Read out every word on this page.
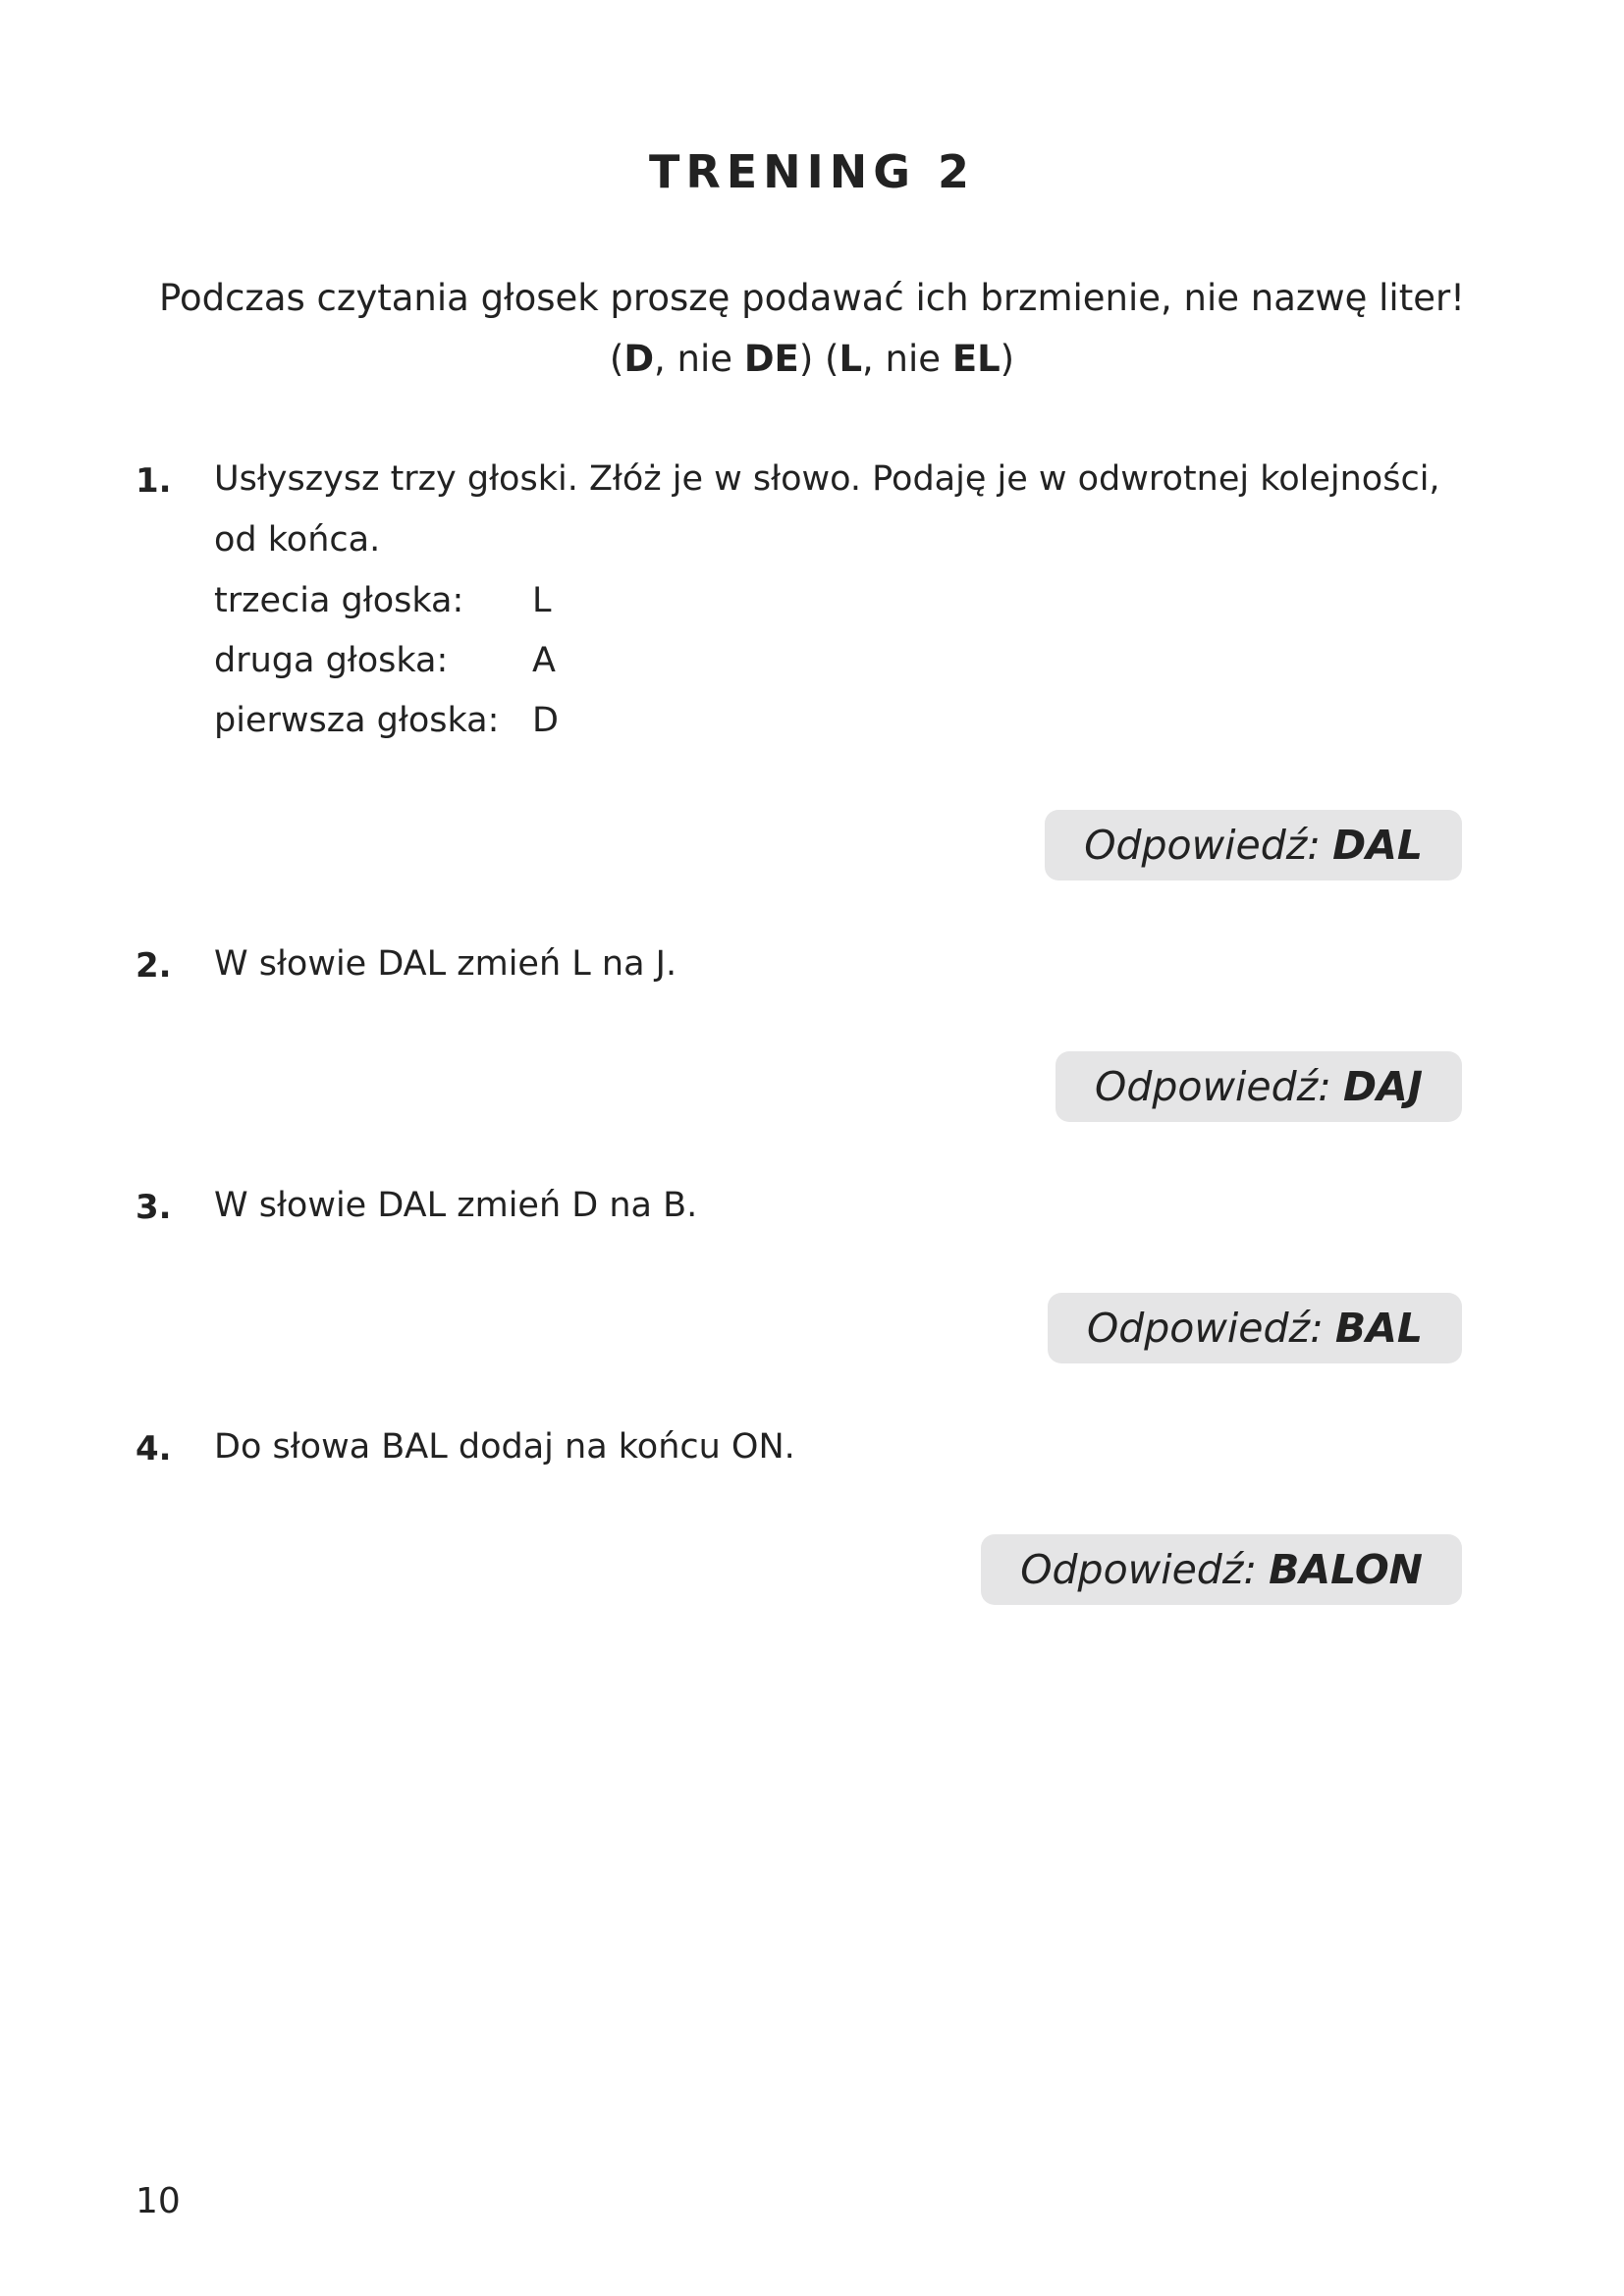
TRENING 2
Podczas czytania głosek proszę podawać ich brzmienie, nie nazwę liter!
(D, nie DE) (L, nie EL)
1. Usłyszysz trzy głoski. Złóż je w słowo. Podaję je w odwrotnej kolejności,
od końca.
trzecia głoska: L
druga głoska: A
pierwsza głoska: D
Odpowiedź: DAL
2. W słowie DAL zmień L na J.
Odpowiedź: DAJ
3. W słowie DAL zmień D na B.
Odpowiedź: BAL
4. Do słowa BAL dodaj na końcu ON.
Odpowiedź: BALON
10
